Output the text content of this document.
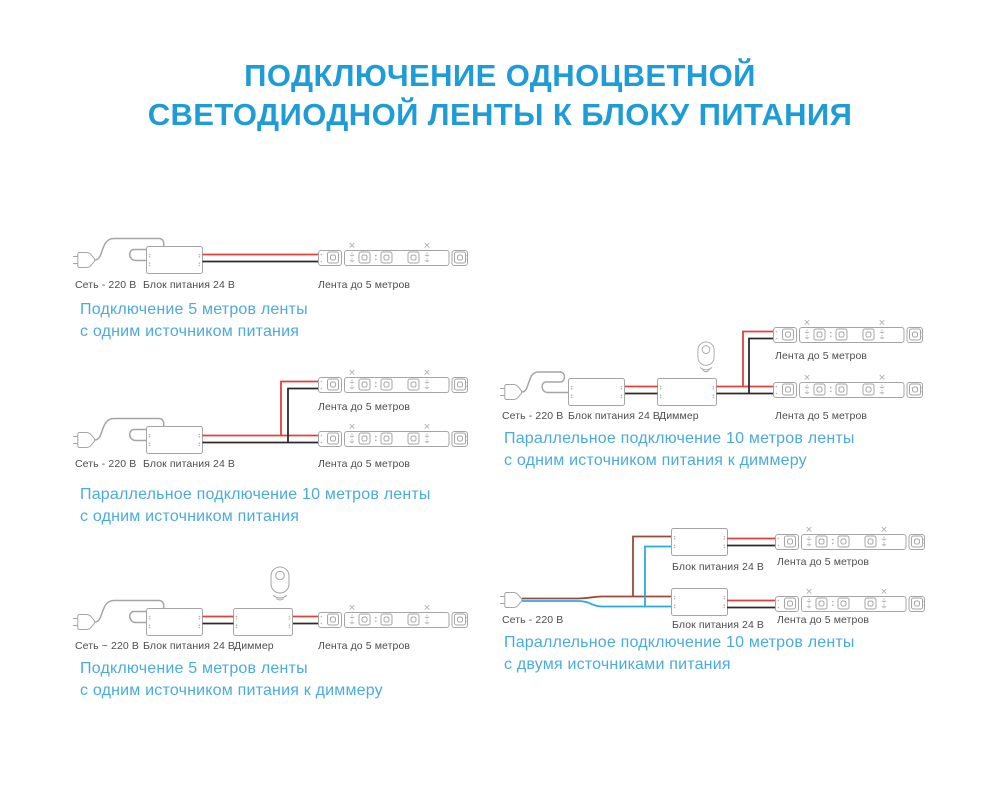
ПОДКЛЮЧЕНИЕ ОДНОЦВЕТНОЙ
СВЕТОДИОДНОЙ ЛЕНТЫ К БЛОКУ ПИТАНИЯ
Сеть - 220 В Блок питания 24 В	Лента до 5 метров
Подключение 5 метров ленты
с одним источником питания
Лента до 5 метров
Сеть - 220 В Блок питания 24 В	Лента до 5 метров
Параллельное подключение 10 метров ленты
с одним источником питания
Сеть ~ 220 В Блок питания 24 В
Диммер	Лента до 5 метров
Подключение 5 метров ленты
с одним источником питания к диммеру
Лента до 5 метров
Сеть - 220 В Блок питания 24 В
Диммер	Лента до 5 метров
Параллельное подключение 10 метров ленты
с одним источником питания к диммеру
Лента до 5 метров
Блок питания 24 В
Сеть - 220 В	Лента до 5 метров
Блок питания 24 В
Параллельное подключение 10 метров ленты
с двумя источниками питания
